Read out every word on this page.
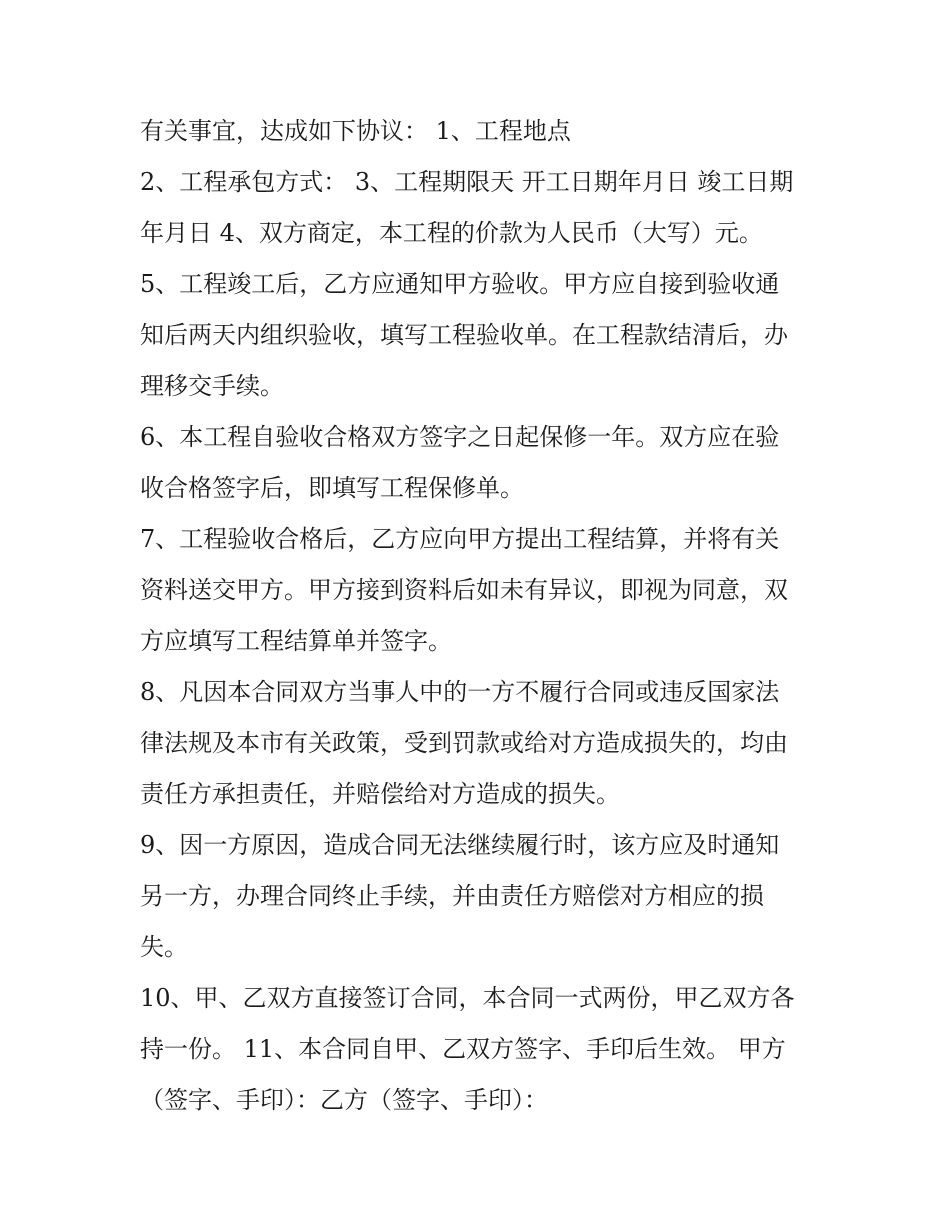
有关事宜，达成如下协议： 1、工程地点
2、工程承包方式： 3、工程期限天 开工日期年月日 竣工日期
年月日 4、双方商定，本工程的价款为人民币（大写）元。
5、工程竣工后，乙方应通知甲方验收。甲方应自接到验收通
知后两天内组织验收，填写工程验收单。在工程款结清后，办
理移交手续。
6、本工程自验收合格双方签字之日起保修一年。双方应在验
收合格签字后，即填写工程保修单。
7、工程验收合格后，乙方应向甲方提出工程结算，并将有关
资料送交甲方。甲方接到资料后如未有异议，即视为同意，双
方应填写工程结算单并签字。
8、凡因本合同双方当事人中的一方不履行合同或违反国家法
律法规及本市有关政策，受到罚款或给对方造成损失的，均由
责任方承担责任，并赔偿给对方造成的损失。
9、因一方原因，造成合同无法继续履行时，该方应及时通知
另一方，办理合同终止手续，并由责任方赔偿对方相应的损
失。
10、甲、乙双方直接签订合同，本合同一式两份，甲乙双方各
持一份。 11、本合同自甲、乙双方签字、手印后生效。 甲方
（签字、手印）：乙方（签字、手印）：
